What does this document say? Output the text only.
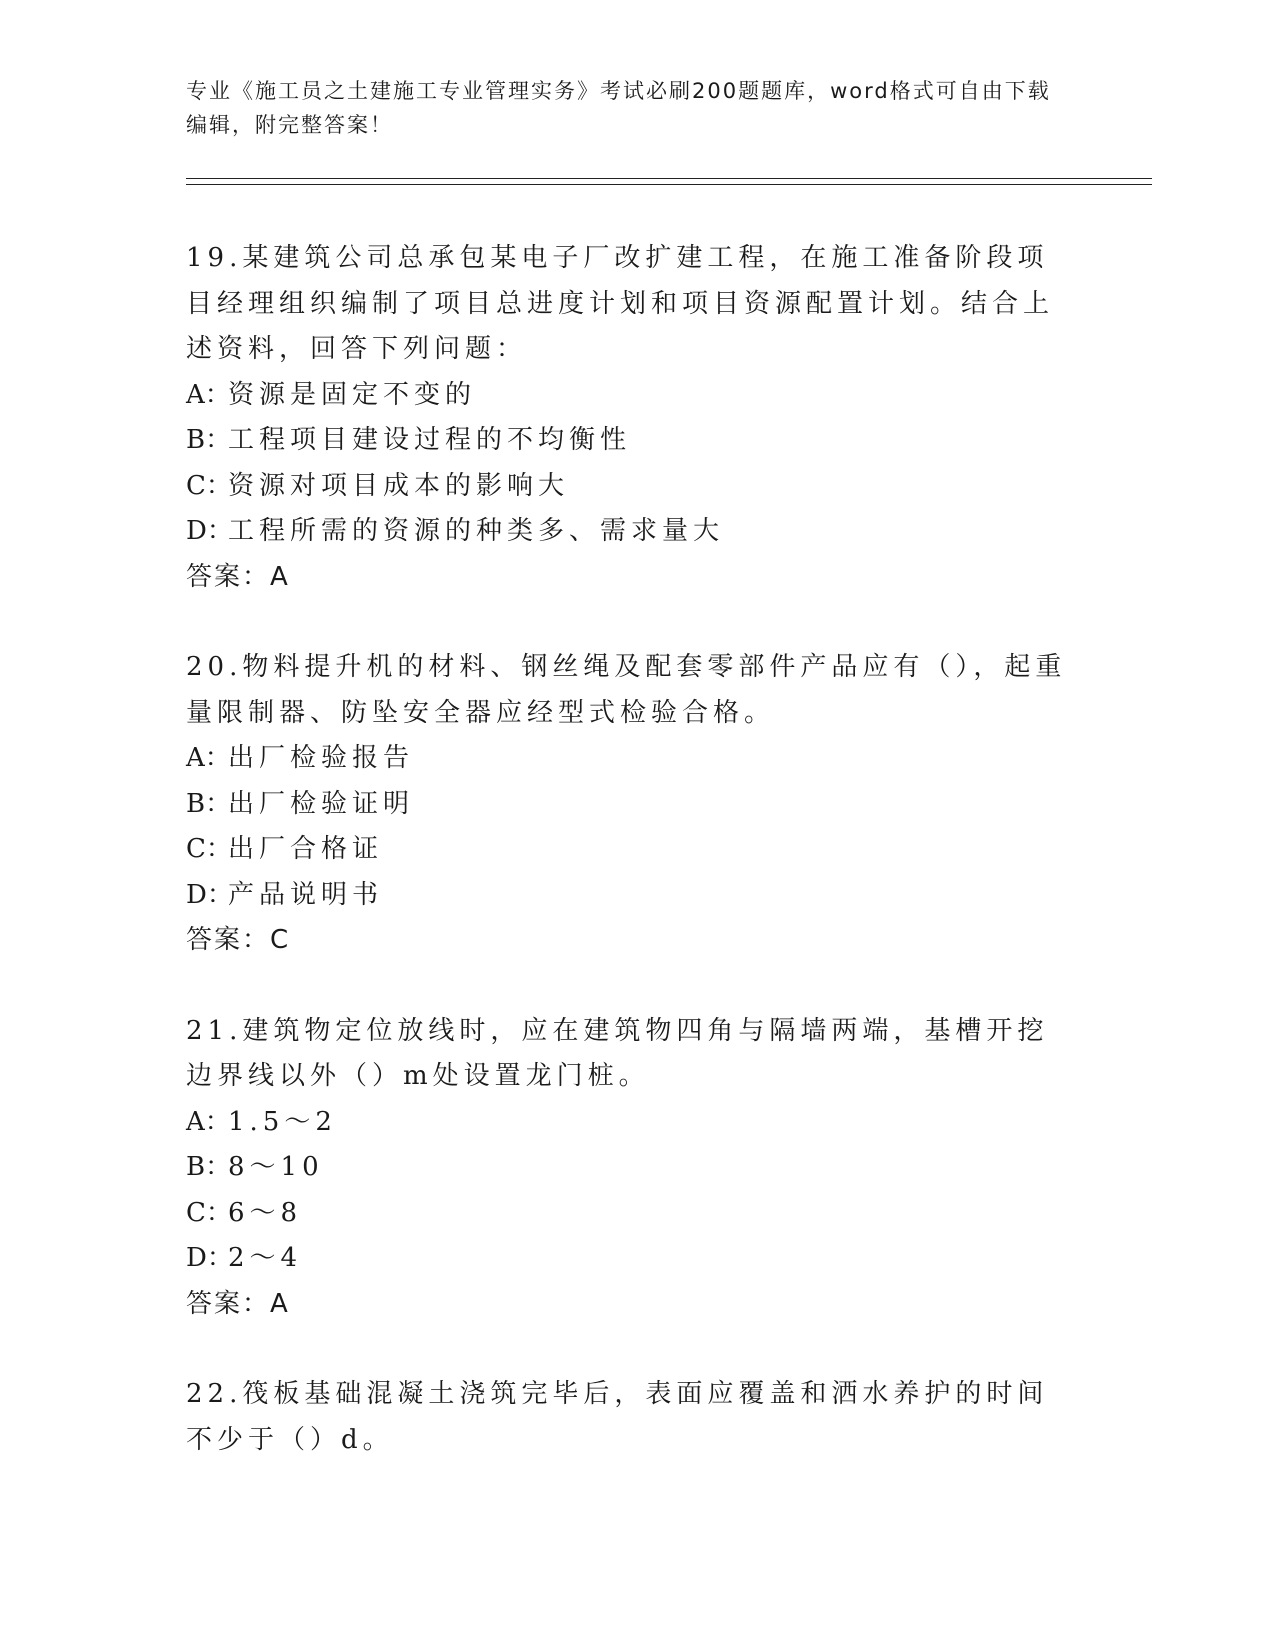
专业《施工员之土建施工专业管理实务》考试必刷200题题库，word格式可自由下载编辑，附完整答案！

19.某建筑公司总承包某电子厂改扩建工程，在施工准备阶段项目经理组织编制了项目总进度计划和项目资源配置计划。结合上述资料，回答下列问题：

A：资源是固定不变的

B：工程项目建设过程的不均衡性

C：资源对项目成本的影响大

D：工程所需的资源的种类多、需求量大

答案：A

20.物料提升机的材料、钢丝绳及配套零部件产品应有（），起重量限制器、防坠安全器应经型式检验合格。

A：出厂检验报告

B：出厂检验证明

C：出厂合格证

D：产品说明书

答案：C

21.建筑物定位放线时，应在建筑物四角与隔墙两端，基槽开挖边界线以外（）m处设置龙门桩。

A：1.5～2

B：8～10

C：6～8

D：2～4

答案：A

22.筏板基础混凝土浇筑完毕后，表面应覆盖和洒水养护的时间不少于（）d。
